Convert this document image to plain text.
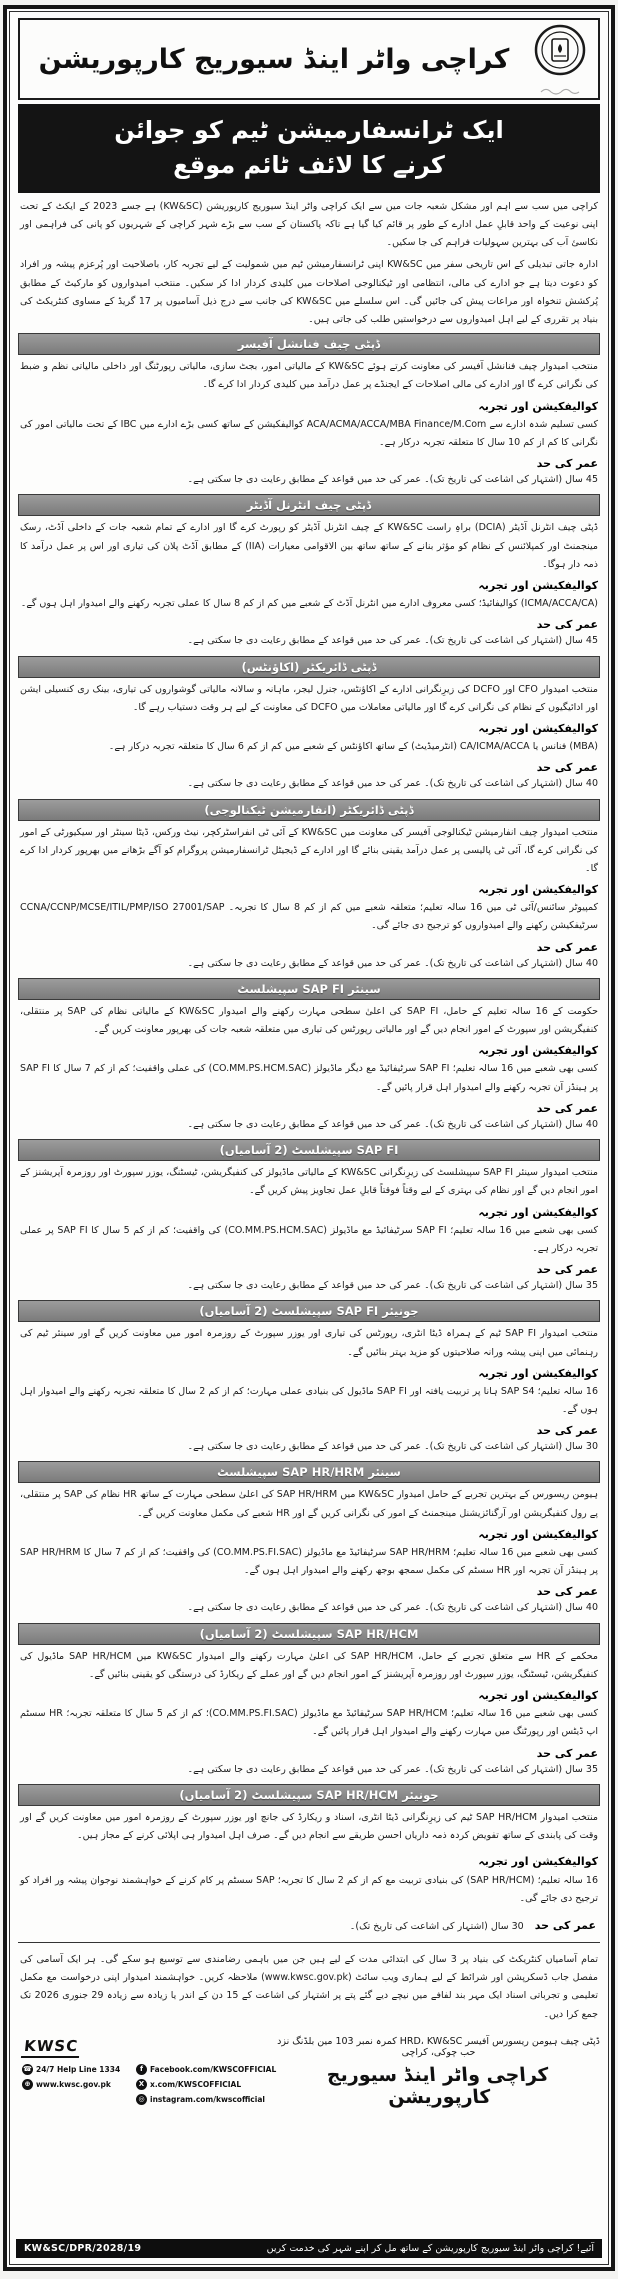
کراچی واٹر اینڈ سیوریج کارپوریشن

ایک ٹرانسفارمیشن ٹیم کو جوائن
کرنے کا لائف ٹائم موقع

کراچی میں سب سے اہم اور مشکل شعبہ جات میں سے ایک کراچی واٹر اینڈ سیوریج کارپوریشن (KW&SC) ہے جسے 2023 کے ایکٹ کے تحت اپنی نوعیت کے واحد قابلِ عمل ادارے کے طور پر قائم کیا گیا ہے تاکہ پاکستان کے سب سے بڑے شہر کراچی کے شہریوں کو پانی کی فراہمی اور نکاسیٔ آب کی بہترین سہولیات فراہم کی جا سکیں۔

ادارہ جاتی تبدیلی کے اس تاریخی سفر میں KW&SC اپنی ٹرانسفارمیشن ٹیم میں شمولیت کے لیے تجربہ کار، باصلاحیت اور پُرعزم پیشہ ور افراد کو دعوت دیتا ہے جو ادارے کی مالی، انتظامی اور ٹیکنالوجی اصلاحات میں کلیدی کردار ادا کر سکیں۔ منتخب امیدواروں کو مارکیٹ کے مطابق پُرکشش تنخواہ اور مراعات پیش کی جائیں گی۔ اس سلسلے میں KW&SC کی جانب سے درج ذیل آسامیوں پر 17 گریڈ کے مساوی کنٹریکٹ کی بنیاد پر تقرری کے لیے اہل امیدواروں سے درخواستیں طلب کی جاتی ہیں۔

ڈپٹی چیف فنانشل آفیسر

منتخب امیدوار چیف فنانشل آفیسر کی معاونت کرتے ہوئے KW&SC کے مالیاتی امور، بجٹ سازی، مالیاتی رپورٹنگ اور داخلی مالیاتی نظم و ضبط کی نگرانی کرے گا اور ادارے کی مالی اصلاحات کے ایجنڈے پر عمل درآمد میں کلیدی کردار ادا کرے گا۔

کوالیفکیشن اور تجربہ

کسی تسلیم شدہ ادارے سے ACA/ACMA/ACCA/MBA Finance/M.Com کوالیفکیشن کے ساتھ کسی بڑے ادارے میں IBC کے تحت مالیاتی امور کی نگرانی کا کم از کم 10 سال کا متعلقہ تجربہ درکار ہے۔

عمر کی حد

45 سال (اشتہار کی اشاعت کی تاریخ تک)۔ عمر کی حد میں قواعد کے مطابق رعایت دی جا سکتی ہے۔

ڈپٹی چیف انٹرنل آڈیٹر

ڈپٹی چیف انٹرنل آڈیٹر (DCIA) براہِ راست KW&SC کے چیف انٹرنل آڈیٹر کو رپورٹ کرے گا اور ادارے کے تمام شعبہ جات کے داخلی آڈٹ، رسک مینجمنٹ اور کمپلائنس کے نظام کو مؤثر بنانے کے ساتھ ساتھ بین الاقوامی معیارات (IIA) کے مطابق آڈٹ پلان کی تیاری اور اس پر عمل درآمد کا ذمہ دار ہوگا۔

کوالیفکیشن اور تجربہ

(ICMA/ACCA/CA) کوالیفائیڈ؛ کسی معروف ادارے میں انٹرنل آڈٹ کے شعبے میں کم از کم 8 سال کا عملی تجربہ رکھنے والے امیدوار اہل ہوں گے۔

عمر کی حد

45 سال (اشتہار کی اشاعت کی تاریخ تک)۔ عمر کی حد میں قواعد کے مطابق رعایت دی جا سکتی ہے۔

ڈپٹی ڈائریکٹر (اکاؤنٹس)

منتخب امیدوار CFO اور DCFO کی زیرِنگرانی ادارے کے اکاؤنٹس، جنرل لیجر، ماہانہ و سالانہ مالیاتی گوشواروں کی تیاری، بینک ری کنسیلی ایشن اور ادائیگیوں کے نظام کی نگرانی کرے گا اور مالیاتی معاملات میں DCFO کی معاونت کے لیے ہر وقت دستیاب رہے گا۔

کوالیفکیشن اور تجربہ

(MBA) فنانس یا CA/ICMA/ACCA (انٹرمیڈیٹ) کے ساتھ اکاؤنٹس کے شعبے میں کم از کم 6 سال کا متعلقہ تجربہ درکار ہے۔

عمر کی حد

40 سال (اشتہار کی اشاعت کی تاریخ تک)۔ عمر کی حد میں قواعد کے مطابق رعایت دی جا سکتی ہے۔

ڈپٹی ڈائریکٹر (انفارمیشن ٹیکنالوجی)

منتخب امیدوار چیف انفارمیشن ٹیکنالوجی آفیسر کی معاونت میں KW&SC کے آئی ٹی انفراسٹرکچر، نیٹ ورکس، ڈیٹا سینٹر اور سیکیورٹی کے امور کی نگرانی کرے گا، آئی ٹی پالیسی پر عمل درآمد یقینی بنائے گا اور ادارے کے ڈیجیٹل ٹرانسفارمیشن پروگرام کو آگے بڑھانے میں بھرپور کردار ادا کرے گا۔

کوالیفکیشن اور تجربہ

کمپیوٹر سائنس/آئی ٹی میں 16 سالہ تعلیم؛ متعلقہ شعبے میں کم از کم 8 سال کا تجربہ۔ CCNA/CCNP/MCSE/ITIL/PMP/ISO 27001/SAP سرٹیفکیشن رکھنے والے امیدواروں کو ترجیح دی جائے گی۔

عمر کی حد

40 سال (اشتہار کی اشاعت کی تاریخ تک)۔ عمر کی حد میں قواعد کے مطابق رعایت دی جا سکتی ہے۔

سینئر SAP FI سپیشلسٹ

حکومت کے 16 سالہ تعلیم کے حامل، SAP FI کی اعلیٰ سطحی مہارت رکھنے والے امیدوار KW&SC کے مالیاتی نظام کی SAP پر منتقلی، کنفیگریشن اور سپورٹ کے امور انجام دیں گے اور مالیاتی رپورٹس کی تیاری میں متعلقہ شعبہ جات کی بھرپور معاونت کریں گے۔

کوالیفکیشن اور تجربہ

کسی بھی شعبے میں 16 سالہ تعلیم؛ SAP FI سرٹیفائیڈ مع دیگر ماڈیولز (CO.MM.PS.HCM.SAC) کی عملی واقفیت؛ کم از کم 7 سال کا SAP FI پر ہینڈز آن تجربہ رکھنے والے امیدوار اہل قرار پائیں گے۔

عمر کی حد

40 سال (اشتہار کی اشاعت کی تاریخ تک)۔ عمر کی حد میں قواعد کے مطابق رعایت دی جا سکتی ہے۔

SAP FI سپیشلسٹ (2 آسامیاں)

منتخب امیدوار سینئر SAP FI سپیشلسٹ کی زیرِنگرانی KW&SC کے مالیاتی ماڈیولز کی کنفیگریشن، ٹیسٹنگ، یوزر سپورٹ اور روزمرہ آپریشنز کے امور انجام دیں گے اور نظام کی بہتری کے لیے وقتاً فوقتاً قابلِ عمل تجاویز پیش کریں گے۔

کوالیفکیشن اور تجربہ

کسی بھی شعبے میں 16 سالہ تعلیم؛ SAP FI سرٹیفائیڈ مع ماڈیولز (CO.MM.PS.HCM.SAC) کی واقفیت؛ کم از کم 5 سال کا SAP FI پر عملی تجربہ درکار ہے۔

عمر کی حد

35 سال (اشتہار کی اشاعت کی تاریخ تک)۔ عمر کی حد میں قواعد کے مطابق رعایت دی جا سکتی ہے۔

جونیئر SAP FI سپیشلسٹ (2 آسامیاں)

منتخب امیدوار SAP FI ٹیم کے ہمراہ ڈیٹا انٹری، رپورٹس کی تیاری اور یوزر سپورٹ کے روزمرہ امور میں معاونت کریں گے اور سینئر ٹیم کی رہنمائی میں اپنی پیشہ ورانہ صلاحیتوں کو مزید بہتر بنائیں گے۔

کوالیفکیشن اور تجربہ

16 سالہ تعلیم؛ SAP S4 ہانا پر تربیت یافتہ اور SAP FI ماڈیول کی بنیادی عملی مہارت؛ کم از کم 2 سال کا متعلقہ تجربہ رکھنے والے امیدوار اہل ہوں گے۔

عمر کی حد

30 سال (اشتہار کی اشاعت کی تاریخ تک)۔ عمر کی حد میں قواعد کے مطابق رعایت دی جا سکتی ہے۔

سینئر SAP HR/HRM سپیشلسٹ

ہیومن ریسورس کے بہترین تجربے کے حامل امیدوار KW&SC میں SAP HR/HRM کی اعلیٰ سطحی مہارت کے ساتھ HR نظام کی SAP پر منتقلی، پے رول کنفیگریشن اور آرگنائزیشنل مینجمنٹ کے امور کی نگرانی کریں گے اور HR شعبے کی مکمل معاونت کریں گے۔

کوالیفکیشن اور تجربہ

کسی بھی شعبے میں 16 سالہ تعلیم؛ SAP HR/HRM سرٹیفائیڈ مع ماڈیولز (CO.MM.PS.FI.SAC) کی واقفیت؛ کم از کم 7 سال کا SAP HR/HRM پر ہینڈز آن تجربہ اور HR سسٹم کی مکمل سمجھ بوجھ رکھنے والے امیدوار اہل ہوں گے۔

عمر کی حد

40 سال (اشتہار کی اشاعت کی تاریخ تک)۔ عمر کی حد میں قواعد کے مطابق رعایت دی جا سکتی ہے۔

SAP HR/HCM سپیشلسٹ (2 آسامیاں)

محکمے کے HR سے متعلق تجربے کے حامل، SAP HR/HCM کی اعلیٰ مہارت رکھنے والے امیدوار KW&SC میں SAP HR/HCM ماڈیول کی کنفیگریشن، ٹیسٹنگ، یوزر سپورٹ اور روزمرہ آپریشنز کے امور انجام دیں گے اور عملے کے ریکارڈ کی درستگی کو یقینی بنائیں گے۔

کوالیفکیشن اور تجربہ

کسی بھی شعبے میں 16 سالہ تعلیم؛ SAP HR/HCM سرٹیفائیڈ مع ماڈیولز (CO.MM.PS.FI.SAC)؛ کم از کم 5 سال کا متعلقہ تجربہ؛ HR سسٹم اپ ڈیٹس اور رپورٹنگ میں مہارت رکھنے والے امیدوار اہل قرار پائیں گے۔

عمر کی حد

35 سال (اشتہار کی اشاعت کی تاریخ تک)۔ عمر کی حد میں قواعد کے مطابق رعایت دی جا سکتی ہے۔

جونیئر SAP HR/HCM سپیشلسٹ (2 آسامیاں)

منتخب امیدوار SAP HR/HCM ٹیم کی زیرِنگرانی ڈیٹا انٹری، اسناد و ریکارڈ کی جانچ اور یوزر سپورٹ کے روزمرہ امور میں معاونت کریں گے اور وقت کی پابندی کے ساتھ تفویض کردہ ذمہ داریاں احسن طریقے سے انجام دیں گے۔ صرف اہل امیدوار ہی اپلائی کرنے کے مجاز ہیں۔

کوالیفکیشن اور تجربہ

16 سالہ تعلیم؛ (SAP HR/HCM) کی بنیادی تربیت مع کم از کم 2 سال کا تجربہ؛ SAP سسٹم پر کام کرنے کے خواہشمند نوجوان پیشہ ور افراد کو ترجیح دی جائے گی۔

عمر کی حد

30 سال (اشتہار کی اشاعت کی تاریخ تک)۔

تمام آسامیاں کنٹریکٹ کی بنیاد پر 3 سال کی ابتدائی مدت کے لیے ہیں جن میں باہمی رضامندی سے توسیع ہو سکے گی۔ ہر ایک آسامی کی مفصل جاب ڈسکرپشن اور شرائط کے لیے ہماری ویب سائٹ (www.kwsc.gov.pk) ملاحظہ کریں۔ خواہشمند امیدوار اپنی درخواست مع مکمل تعلیمی و تجرباتی اسناد ایک مہر بند لفافے میں نیچے دیے گئے پتے پر اشتہار کی اشاعت کے 15 دن کے اندر یا زیادہ سے زیادہ 29 جنوری 2026 تک جمع کرا دیں۔

KWSC
☎ 24/7 Help Line 1334	f Facebook.com/KWSCOFFICIAL
⊕ www.kwsc.gov.pk	X x.com/KWSCOFFICIAL
◎ instagram.com/kwscofficial
ڈپٹی چیف ہیومن ریسورس آفیسر HRD، KW&SC کمرہ نمبر 103 مین بلڈنگ نزد حب چوکی، کراچی
کراچی واٹر اینڈ سیوریج کارپوریشن
KW&SC/DPR/2028/19	آئیے! کراچی واٹر اینڈ سیوریج کارپوریشن کے ساتھ مل کر اپنے شہر کی خدمت کریں
